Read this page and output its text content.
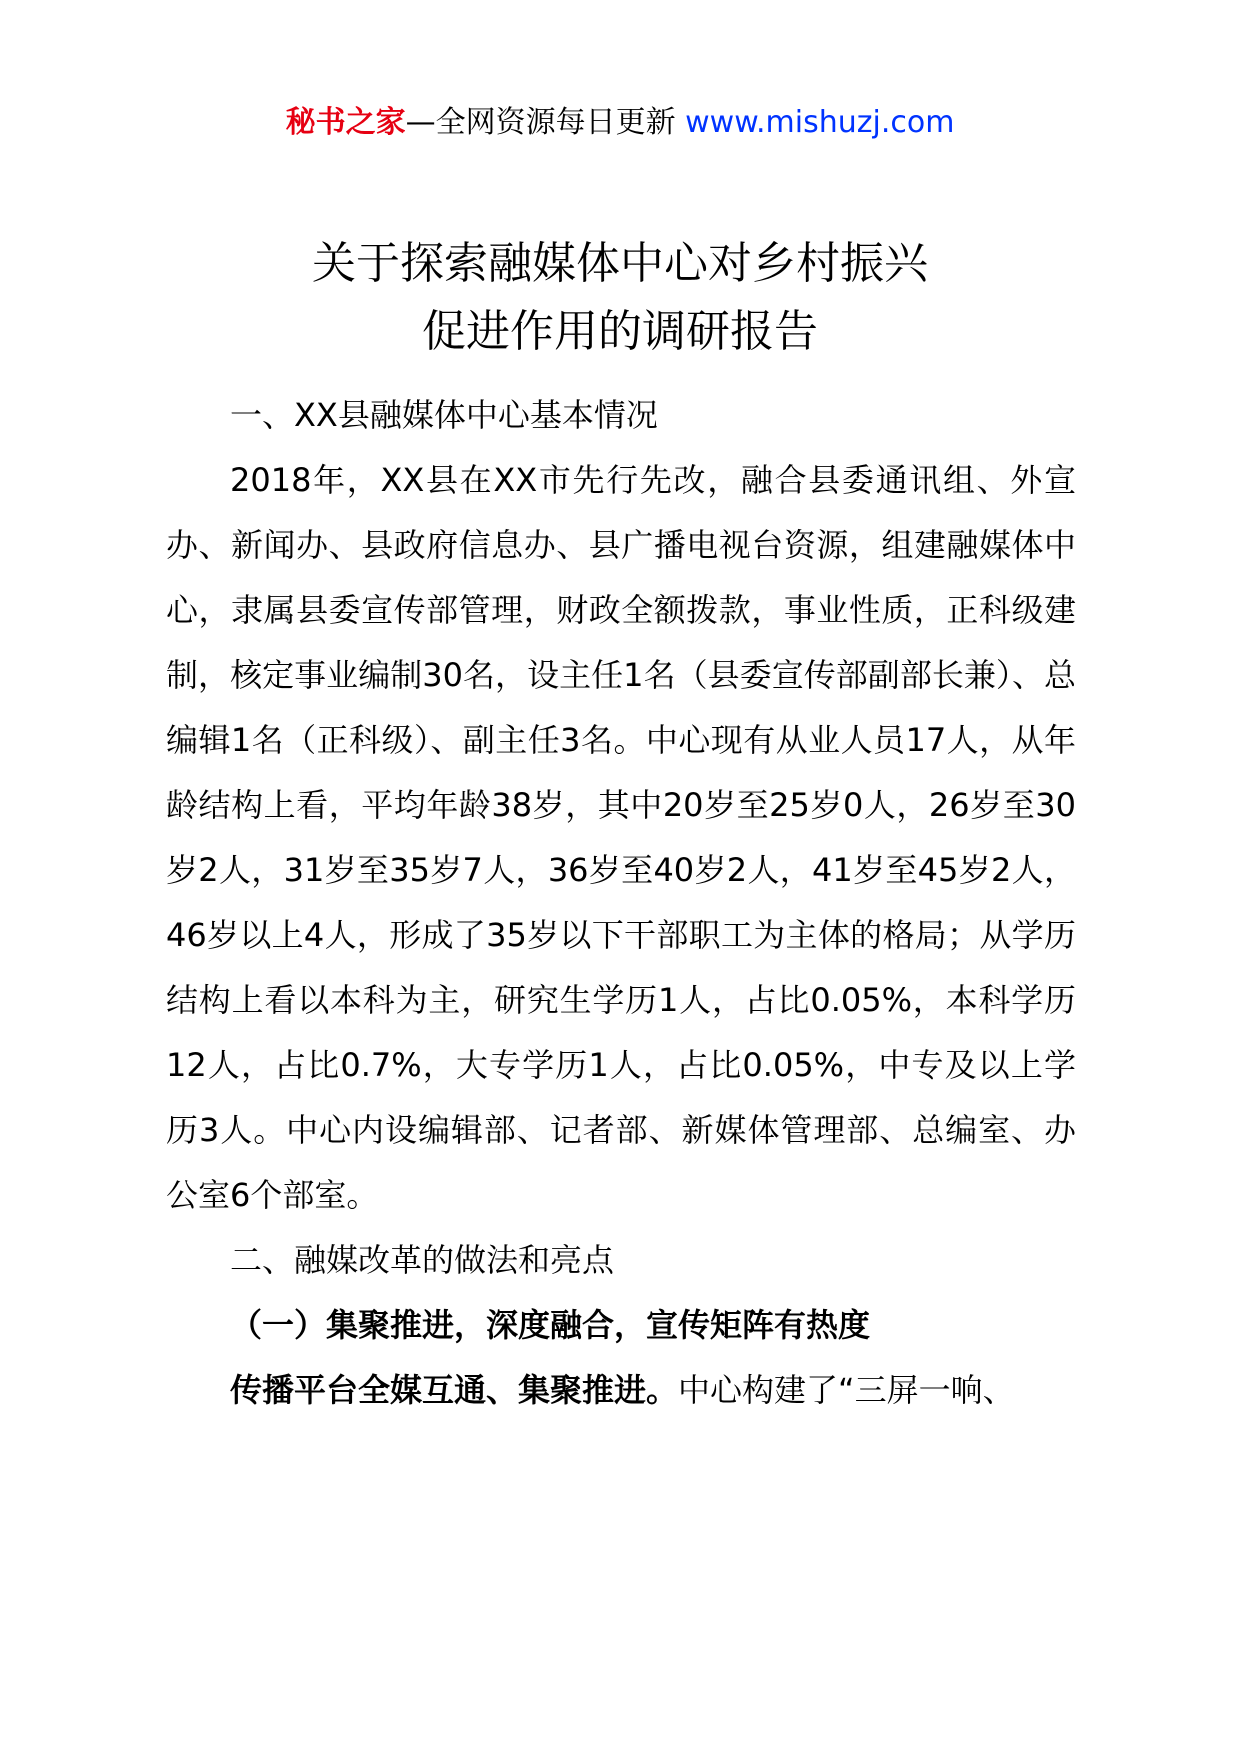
秘书之家—全网资源每日更新 www.mishuzj.com
关于探索融媒体中心对乡村振兴
促进作用的调研报告

一、XX县融媒体中心基本情况

2018年，XX县在XX市先行先改，融合县委通讯组、外宣办、新闻办、县政府信息办、县广播电视台资源，组建融媒体中心，隶属县委宣传部管理，财政全额拨款，事业性质，正科级建制，核定事业编制30名，设主任1名（县委宣传部副部长兼）、总编辑1名（正科级）、副主任3名。中心现有从业人员17人，从年龄结构上看，平均年龄38岁，其中20岁至25岁0人，26岁至30岁2人，31岁至35岁7人，36岁至40岁2人，41岁至45岁2人，46岁以上4人，形成了35岁以下干部职工为主体的格局；从学历结构上看以本科为主，研究生学历1人，占比0.05%，本科学历12人，占比0.7%，大专学历1人，占比0.05%，中专及以上学历3人。中心内设编辑部、记者部、新媒体管理部、总编室、办公室6个部室。

二、融媒改革的做法和亮点

（一）集聚推进，深度融合，宣传矩阵有热度

传播平台全媒互通、集聚推进。中心构建了“三屏一响、
